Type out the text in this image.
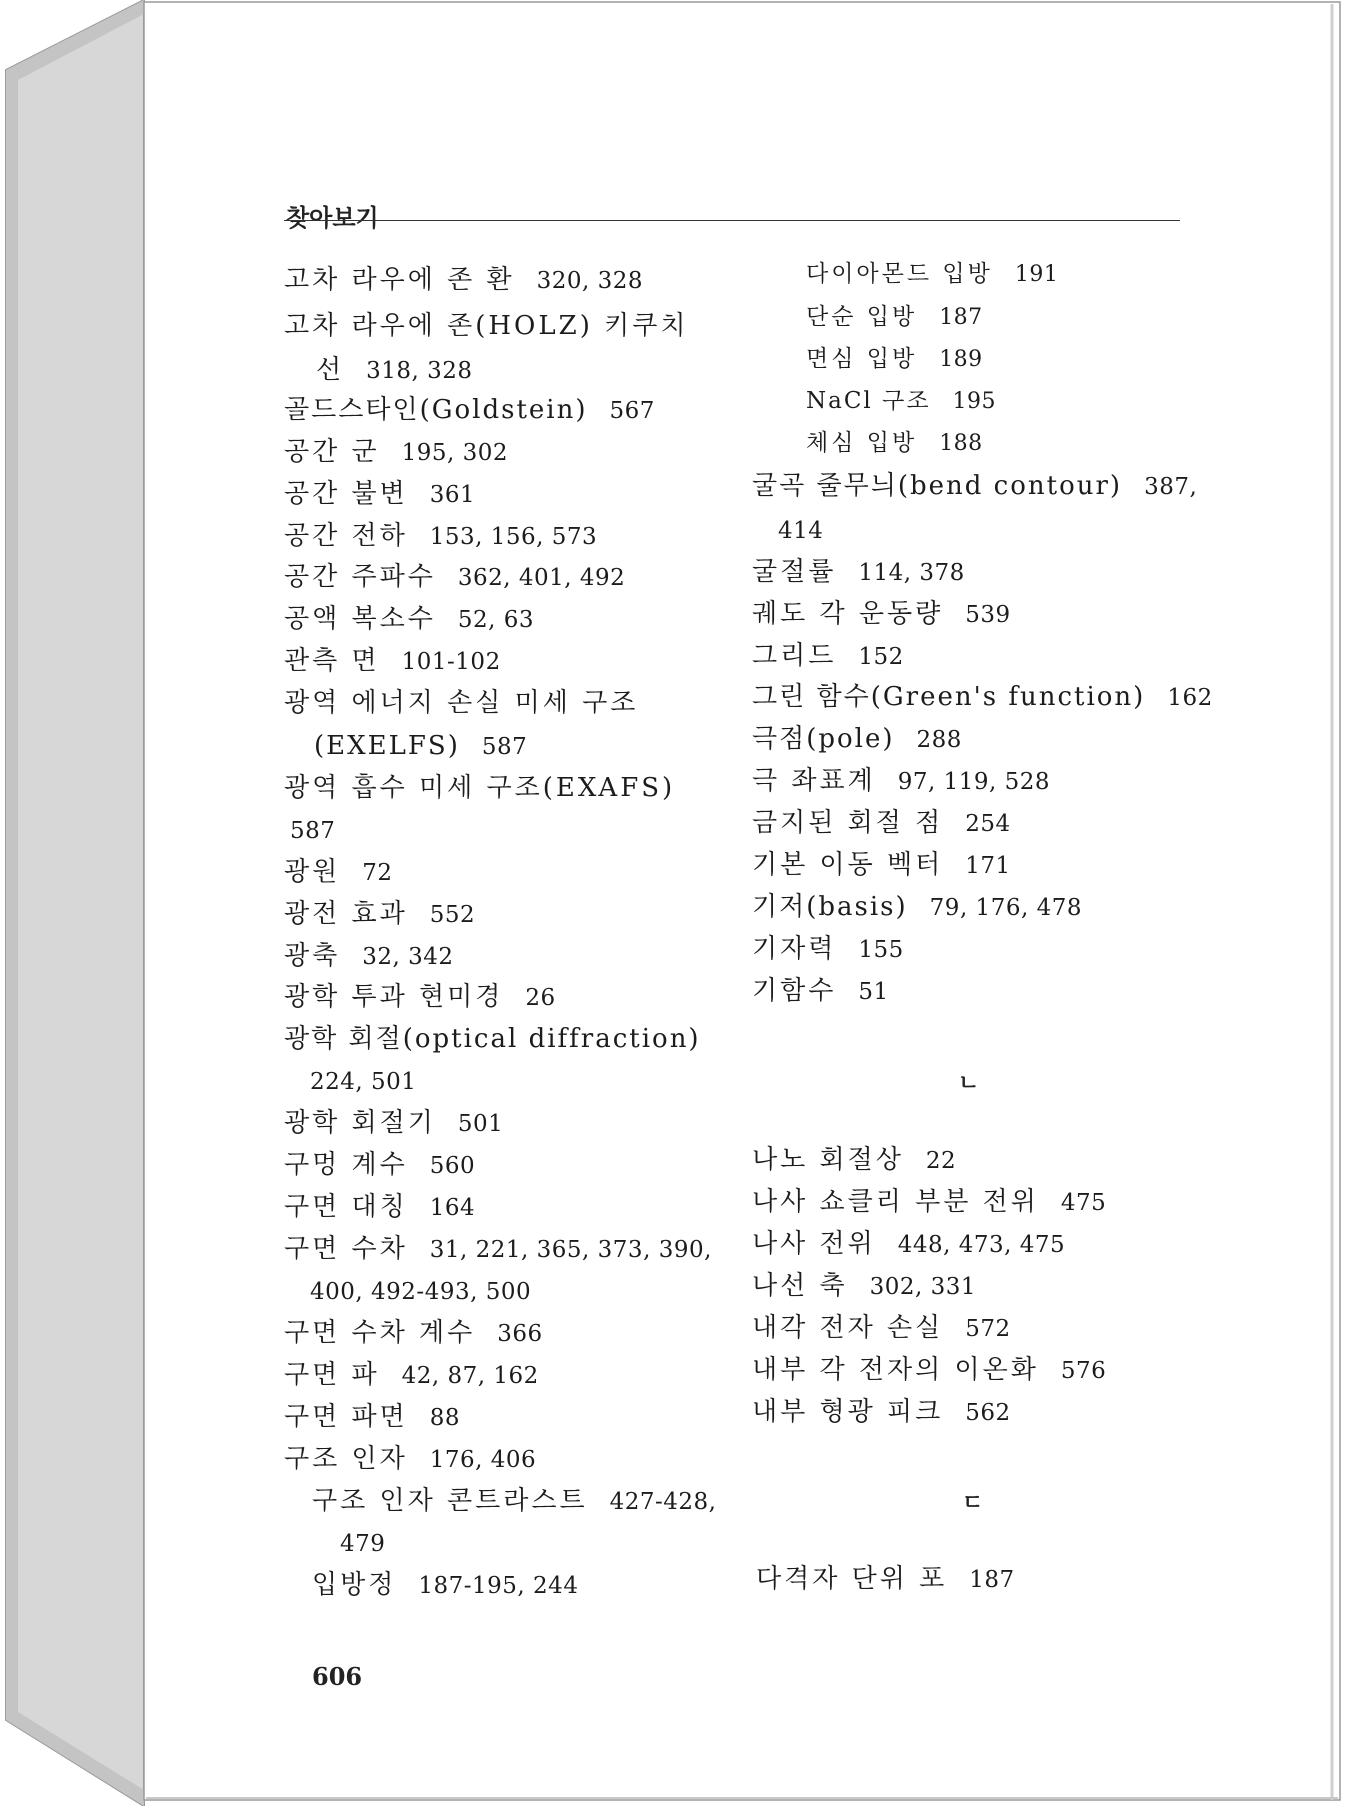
찾아보기
고차 라우에 존 환 320, 328
고차 라우에 존(HOLZ) 키쿠치
선 318, 328
골드스타인(Goldstein) 567
공간 군 195, 302
공간 불변 361
공간 전하 153, 156, 573
공간 주파수 362, 401, 492
공액 복소수 52, 63
관측 면 101-102
광역 에너지 손실 미세 구조
(EXELFS) 587
광역 흡수 미세 구조(EXAFS)
587
광원 72
광전 효과 552
광축 32, 342
광학 투과 현미경 26
광학 회절(optical diffraction)
224, 501
광학 회절기 501
구멍 계수 560
구면 대칭 164
구면 수차 31, 221, 365, 373, 390,
400, 492-493, 500
구면 수차 계수 366
구면 파 42, 87, 162
구면 파면 88
구조 인자 176, 406
구조 인자 콘트라스트 427-428,
479
입방정 187-195, 244
다이아몬드 입방 191
단순 입방 187
면심 입방 189
NaCl 구조 195
체심 입방 188
굴곡 줄무늬(bend contour) 387,
414
굴절률 114, 378
궤도 각 운동량 539
그리드 152
그린 함수(Green's function) 162
극점(pole) 288
극 좌표계 97, 119, 528
금지된 회절 점 254
기본 이동 벡터 171
기저(basis) 79, 176, 478
기자력 155
기함수 51
ㄴ
나노 회절상 22
나사 쇼클리 부분 전위 475
나사 전위 448, 473, 475
나선 축 302, 331
내각 전자 손실 572
내부 각 전자의 이온화 576
내부 형광 피크 562
ㄷ
다격자 단위 포 187
606
